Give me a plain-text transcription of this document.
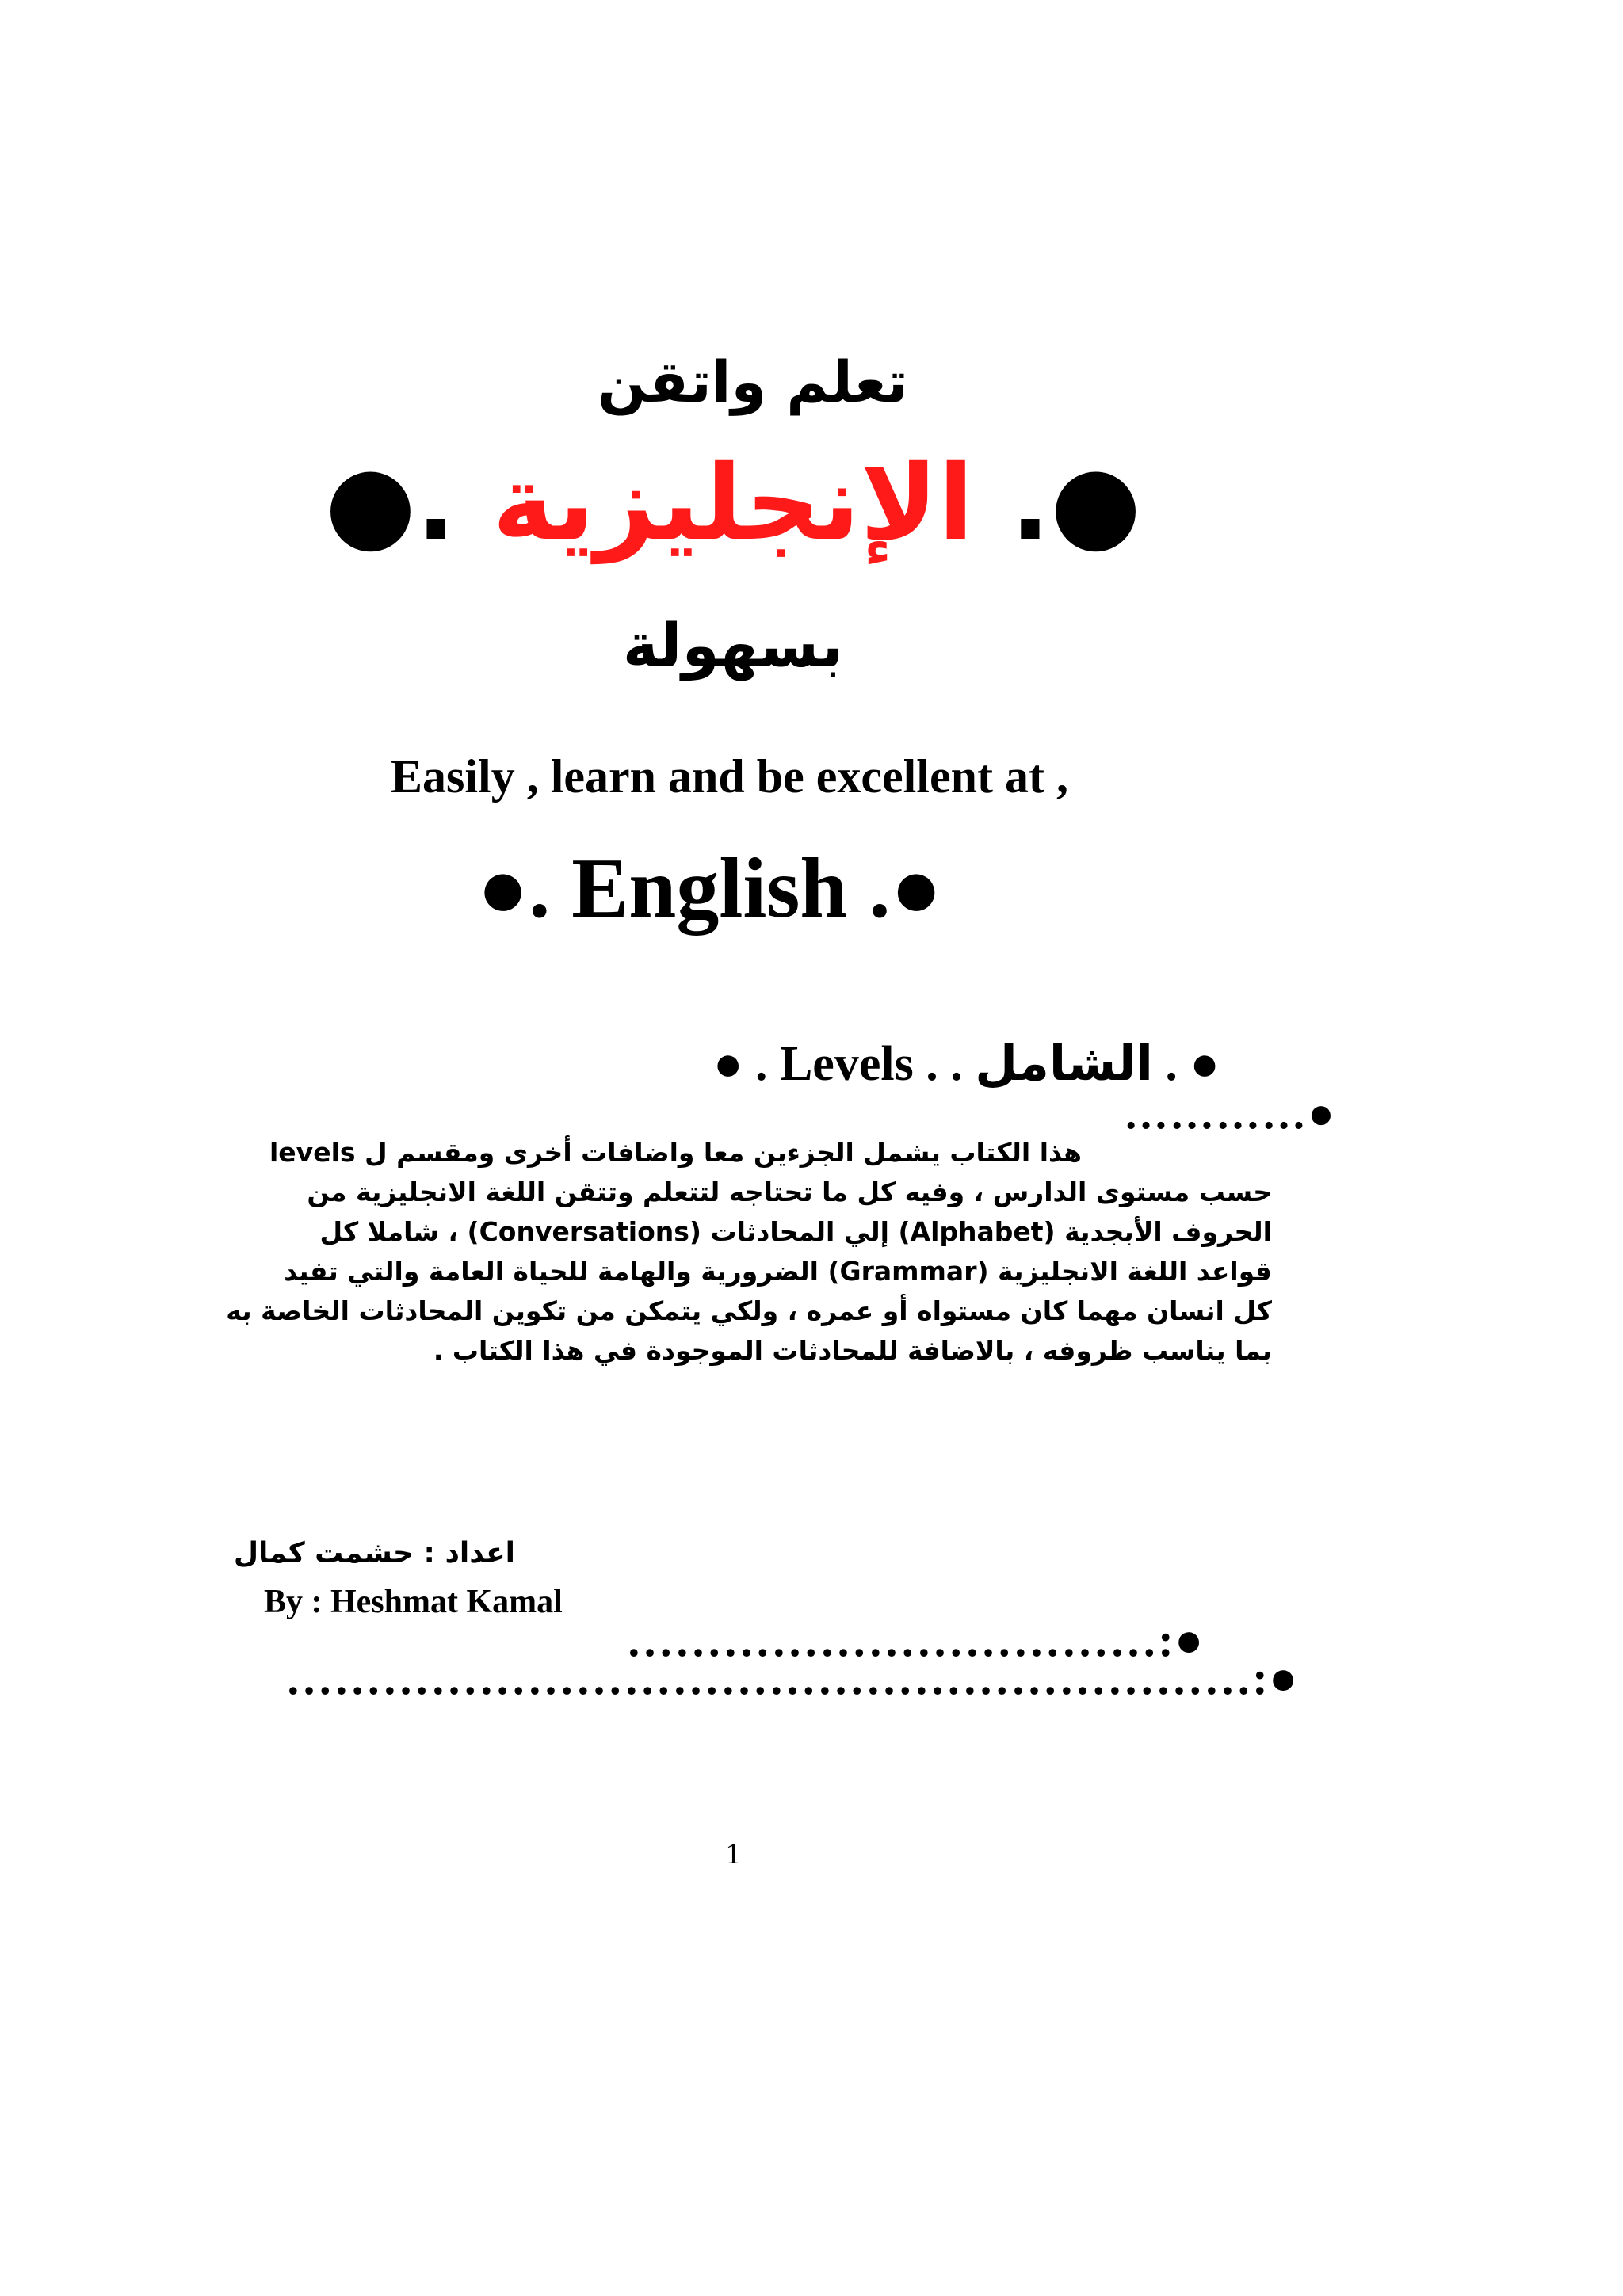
تعلم واتقن
●. الإنجليزية .●
بسهولة
Easily , learn and be excellent at ,
●. English .●
● . Levels . . الشامل . ●
…………●
هذا الكتاب يشمل الجزءين معا واضافات أخرى ومقسم ل levels
حسب مستوى الدارس ، وفيه كل ما تحتاجه لتتعلم وتتقن اللغة الانجليزية من
الحروف الأبجدية (Alphabet) إلي المحادثات (Conversations) ، شاملا كل
قواعد اللغة الانجليزية (Grammar) الضرورية والهامة للحياة العامة والتي تفيد
كل انسان مهما كان مستواه أو عمره ، ولكي يتمكن من تكوين المحادثات الخاصة به
بما يناسب ظروفه ، بالاضافة للمحادثات الموجودة في هذا الكتاب .
اعداد : حشمت كمال
By : Heshmat Kamal
……………………………:●
……………………………………………………:●
1
